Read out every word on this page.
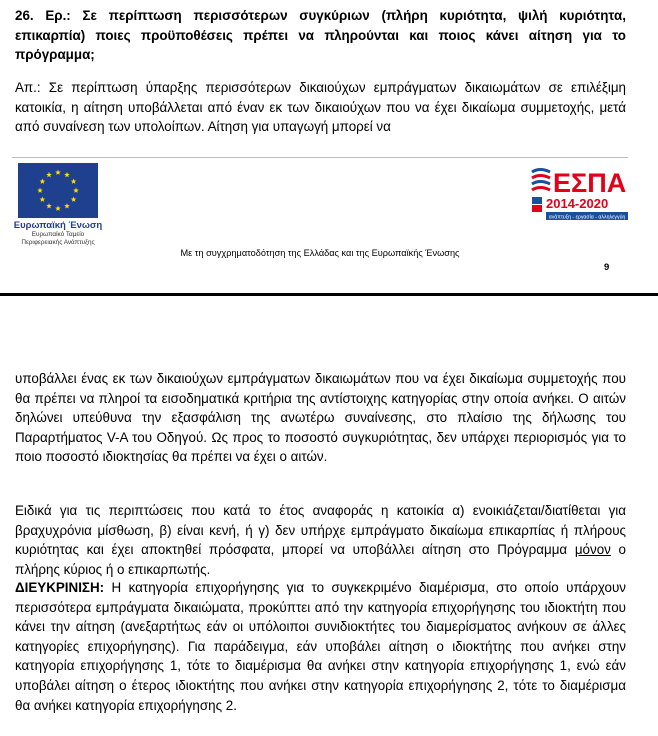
26. Ερ.: Σε περίπτωση περισσότερων συγκύριων (πλήρη κυριότητα, ψιλή κυριότητα, επικαρπία) ποιες προϋποθέσεις πρέπει να πληρούνται και ποιος κάνει αίτηση για το πρόγραμμα;
Απ.: Σε περίπτωση ύπαρξης περισσότερων δικαιούχων εμπράγματων δικαιωμάτων σε επιλέξιμη κατοικία, η αίτηση υποβάλλεται από έναν εκ των δικαιούχων που να έχει δικαίωμα συμμετοχής, μετά από συναίνεση των υπολοίπων. Αίτηση για υπαγωγή μπορεί να
Ευρωπαϊκή Ένωση
Ευρωπαϊκό Ταμείο
Περιφερειακής Ανάπτυξης
ΕΣΠΑ
2014-2020
ανάπτυξη - εργασία - αλληλεγγύη
Με τη συγχρηματοδότηση της Ελλάδας και της Ευρωπαϊκής Ένωσης
9
υποβάλλει ένας εκ των δικαιούχων εμπράγματων δικαιωμάτων που να έχει δικαίωμα συμμετοχής που θα πρέπει να πληροί τα εισοδηματικά κριτήρια της αντίστοιχης κατηγορίας στην οποία ανήκει. Ο αιτών δηλώνει υπεύθυνα την εξασφάλιση της ανωτέρω συναίνεσης, στο πλαίσιο της δήλωσης του Παραρτήματος V-A του Οδηγού. Ως προς το ποσοστό συγκυριότητας, δεν υπάρχει περιορισμός για το ποιο ποσοστό ιδιοκτησίας θα πρέπει να έχει ο αιτών.
Ειδικά για τις περιπτώσεις που κατά το έτος αναφοράς η κατοικία α) ενοικιάζεται/διατίθεται για βραχυχρόνια μίσθωση, β) είναι κενή, ή γ) δεν υπήρχε εμπράγματο δικαίωμα επικαρπίας ή πλήρους κυριότητας και έχει αποκτηθεί πρόσφατα, μπορεί να υποβάλλει αίτηση στο Πρόγραμμα μόνον ο πλήρης κύριος ή ο επικαρπωτής.
ΔΙΕΥΚΡΙΝΙΣΗ: Η κατηγορία επιχορήγησης για το συγκεκριμένο διαμέρισμα, στο οποίο υπάρχουν περισσότερα εμπράγματα δικαιώματα, προκύπτει από την κατηγορία επιχορήγησης του ιδιοκτήτη που κάνει την αίτηση (ανεξαρτήτως εάν οι υπόλοιποι συνιδιοκτήτες του διαμερίσματος ανήκουν σε άλλες κατηγορίες επιχορήγησης). Για παράδειγμα, εάν υποβάλει αίτηση ο ιδιοκτήτης που ανήκει στην κατηγορία επιχορήγησης 1, τότε το διαμέρισμα θα ανήκει στην κατηγορία επιχορήγησης 1, ενώ εάν υποβάλει αίτηση ο έτερος ιδιοκτήτης που ανήκει στην κατηγορία επιχορήγησης 2, τότε το διαμέρισμα θα ανήκει κατηγορία επιχορήγησης 2.
